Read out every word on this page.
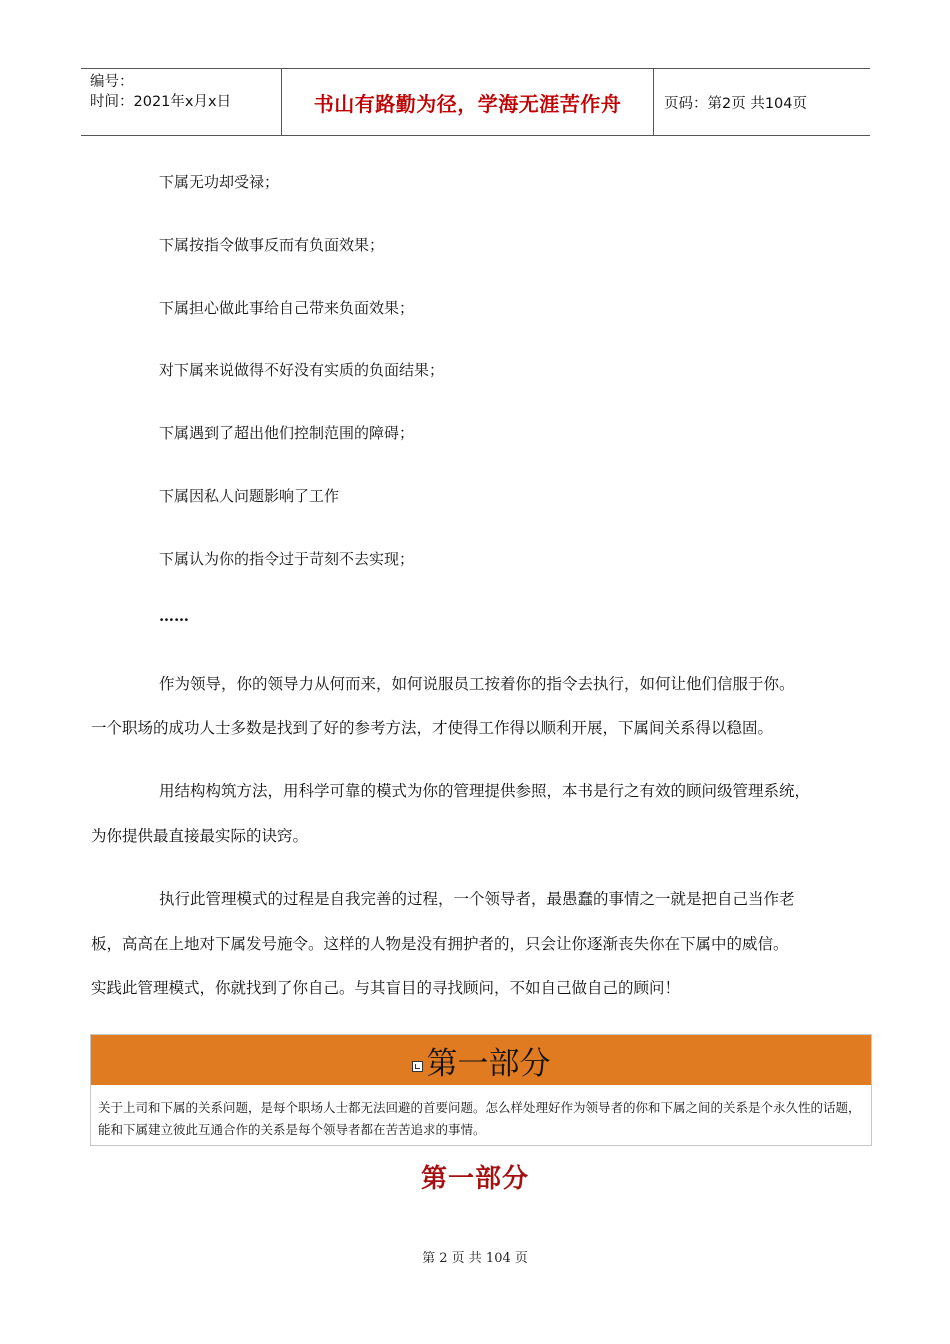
编号：
时间：2021年x月x日	书山有路勤为径，学海无涯苦作舟	页码：第2页 共104页
下属无功却受禄；
下属按指令做事反而有负面效果；
下属担心做此事给自己带来负面效果；
对下属来说做得不好没有实质的负面结果；
下属遇到了超出他们控制范围的障碍；
下属因私人问题影响了工作
下属认为你的指令过于苛刻不去实现；
……
作为领导，你的领导力从何而来，如何说服员工按着你的指令去执行，如何让他们信服于你。
一个职场的成功人士多数是找到了好的参考方法，才使得工作得以顺利开展，下属间关系得以稳固。
用结构构筑方法，用科学可靠的模式为你的管理提供参照，本书是行之有效的顾问级管理系统，
为你提供最直接最实际的诀窍。
执行此管理模式的过程是自我完善的过程，一个领导者，最愚蠢的事情之一就是把自己当作老
板，高高在上地对下属发号施令。这样的人物是没有拥护者的，只会让你逐渐丧失你在下属中的威信。
实践此管理模式，你就找到了你自己。与其盲目的寻找顾问，不如自己做自己的顾问！
第一部分
关于上司和下属的关系问题，是每个职场人士都无法回避的首要问题。怎么样处理好作为领导者的你和下属之间的关系是个永久性的话题，能和下属建立彼此互通合作的关系是每个领导者都在苦苦追求的事情。
第一部分
第 2 页 共 104 页
